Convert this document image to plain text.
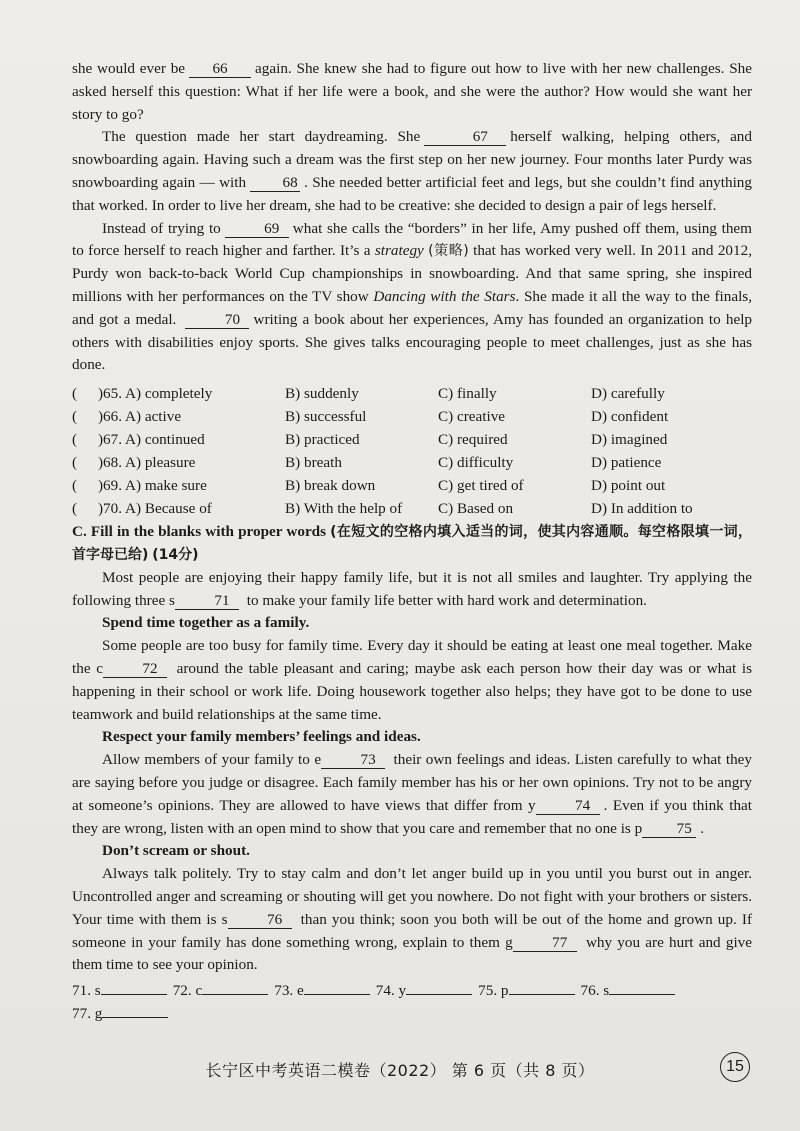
she would ever be 66 again. She knew she had to figure out how to live with her new challenges. She asked herself this question: What if her life were a book, and she were the author? How would she want her story to go?

The question made her start daydreaming. She	67 herself walking, helping others, and snowboarding again. Having such a dream was the first step on her new journey. Four months later Purdy was snowboarding again — with 68 . She needed better artificial feet and legs, but she couldn’t find anything that worked. In order to live her dream, she had to be creative: she decided to design a pair of legs herself.

Instead of trying to	69 what she calls the “borders” in her life, Amy pushed off them, using them to force herself to reach higher and farther. It’s a strategy (策略) that has worked very well. In 2011 and 2012, Purdy won back-to-back World Cup championships in snowboarding. And that same spring, she inspired millions with her performances on the TV show Dancing with the Stars. She made it all the way to the finals, and got a medal.	70 writing a book about her experiences, Amy has founded an organization to help others with disabilities enjoy sports. She gives talks encouraging people to meet challenges, just as she has done.

(	)65. A) completely	B) suddenly	C) finally	D) carefully
(	)66. A) active	B) successful	C) creative	D) confident
(	)67. A) continued	B) practiced	C) required	D) imagined
(	)68. A) pleasure	B) breath	C) difficulty	D) patience
(	)69. A) make sure	B) break down	C) get tired of	D) point out
(	)70. A) Because of	B) With the help of	C) Based on	D) In addition to

C. Fill in the blanks with proper words (在短文的空格内填入适当的词，使其内容通顺。每空格限填一词，首字母已给) (14分)

Most people are enjoying their happy family life, but it is not all smiles and laughter. Try applying the following three s	71 to make your family life better with hard work and determination.

Spend time together as a family.

Some people are too busy for family time. Every day it should be eating at least one meal together. Make the c	72 around the table pleasant and caring; maybe ask each person how their day was or what is happening in their school or work life. Doing housework together also helps; they have got to be done to use teamwork and build relationships at the same time.

Respect your family members’ feelings and ideas.

Allow members of your family to e	73 their own feelings and ideas. Listen carefully to what they are saying before you judge or disagree. Each family member has his or her own opinions. Try not to be angry at someone’s opinions. They are allowed to have views that differ from y	74 . Even if you think that they are wrong, listen with an open mind to show that you care and remember that no one is p 75 .

Don’t scream or shout.

Always talk politely. Try to stay calm and don’t let anger build up in you until you burst out in anger. Uncontrolled anger and screaming or shouting will get you nowhere. Do not fight with your brothers or sisters. Your time with them is s	76 than you think; soon you both will be out of the home and grown up. If someone in your family has done something wrong, explain to them g	77 why you are hurt and give them time to see your opinion.

71. s	72. c	73. e	74. y	75. p	76. s
77. g
长宁区中考英语二模卷（2022） 第 6 页（共 8 页）	15
